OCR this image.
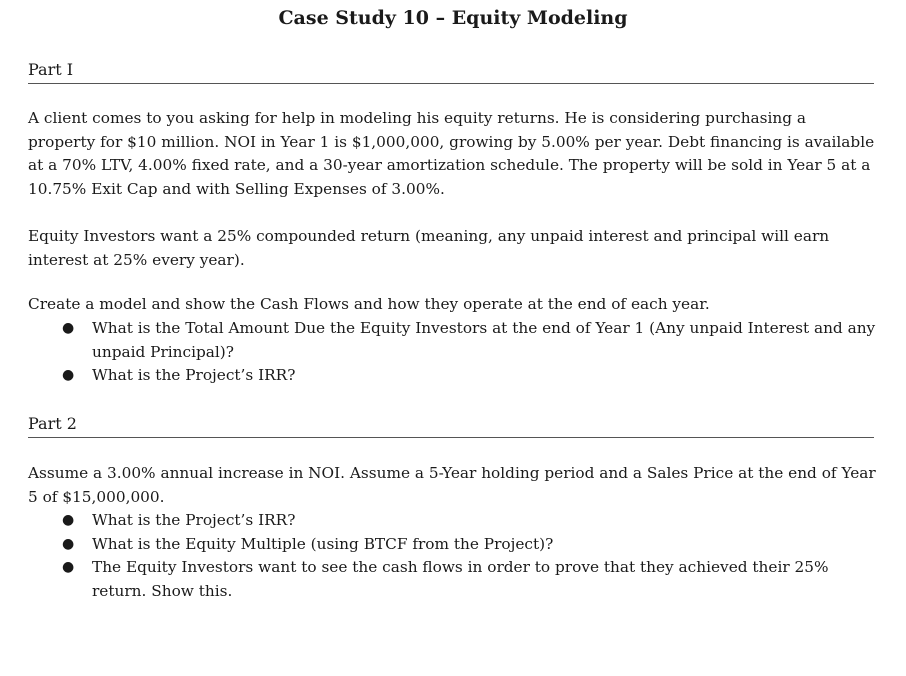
Case Study 10 – Equity Modeling
Part I

A client comes to you asking for help in modeling his equity returns. He is considering purchasing a property for $10 million. NOI in Year 1 is $1,000,000, growing by 5.00% per year. Debt financing is available at a 70% LTV, 4.00% fixed rate, and a 30-year amortization schedule. The property will be sold in Year 5 at a 10.75% Exit Cap and with Selling Expenses of 3.00%.

Equity Investors want a 25% compounded return (meaning, any unpaid interest and principal will earn interest at 25% every year).

Create a model and show the Cash Flows and how they operate at the end of each year.

● What is the Total Amount Due the Equity Investors at the end of Year 1 (Any unpaid Interest and any unpaid Principal)?
● What is the Project’s IRR?
Part 2

Assume a 3.00% annual increase in NOI. Assume a 5-Year holding period and a Sales Price at the end of Year 5 of $15,000,000.

● What is the Project’s IRR?
● What is the Equity Multiple (using BTCF from the Project)?
● The Equity Investors want to see the cash flows in order to prove that they achieved their 25% return. Show this.
